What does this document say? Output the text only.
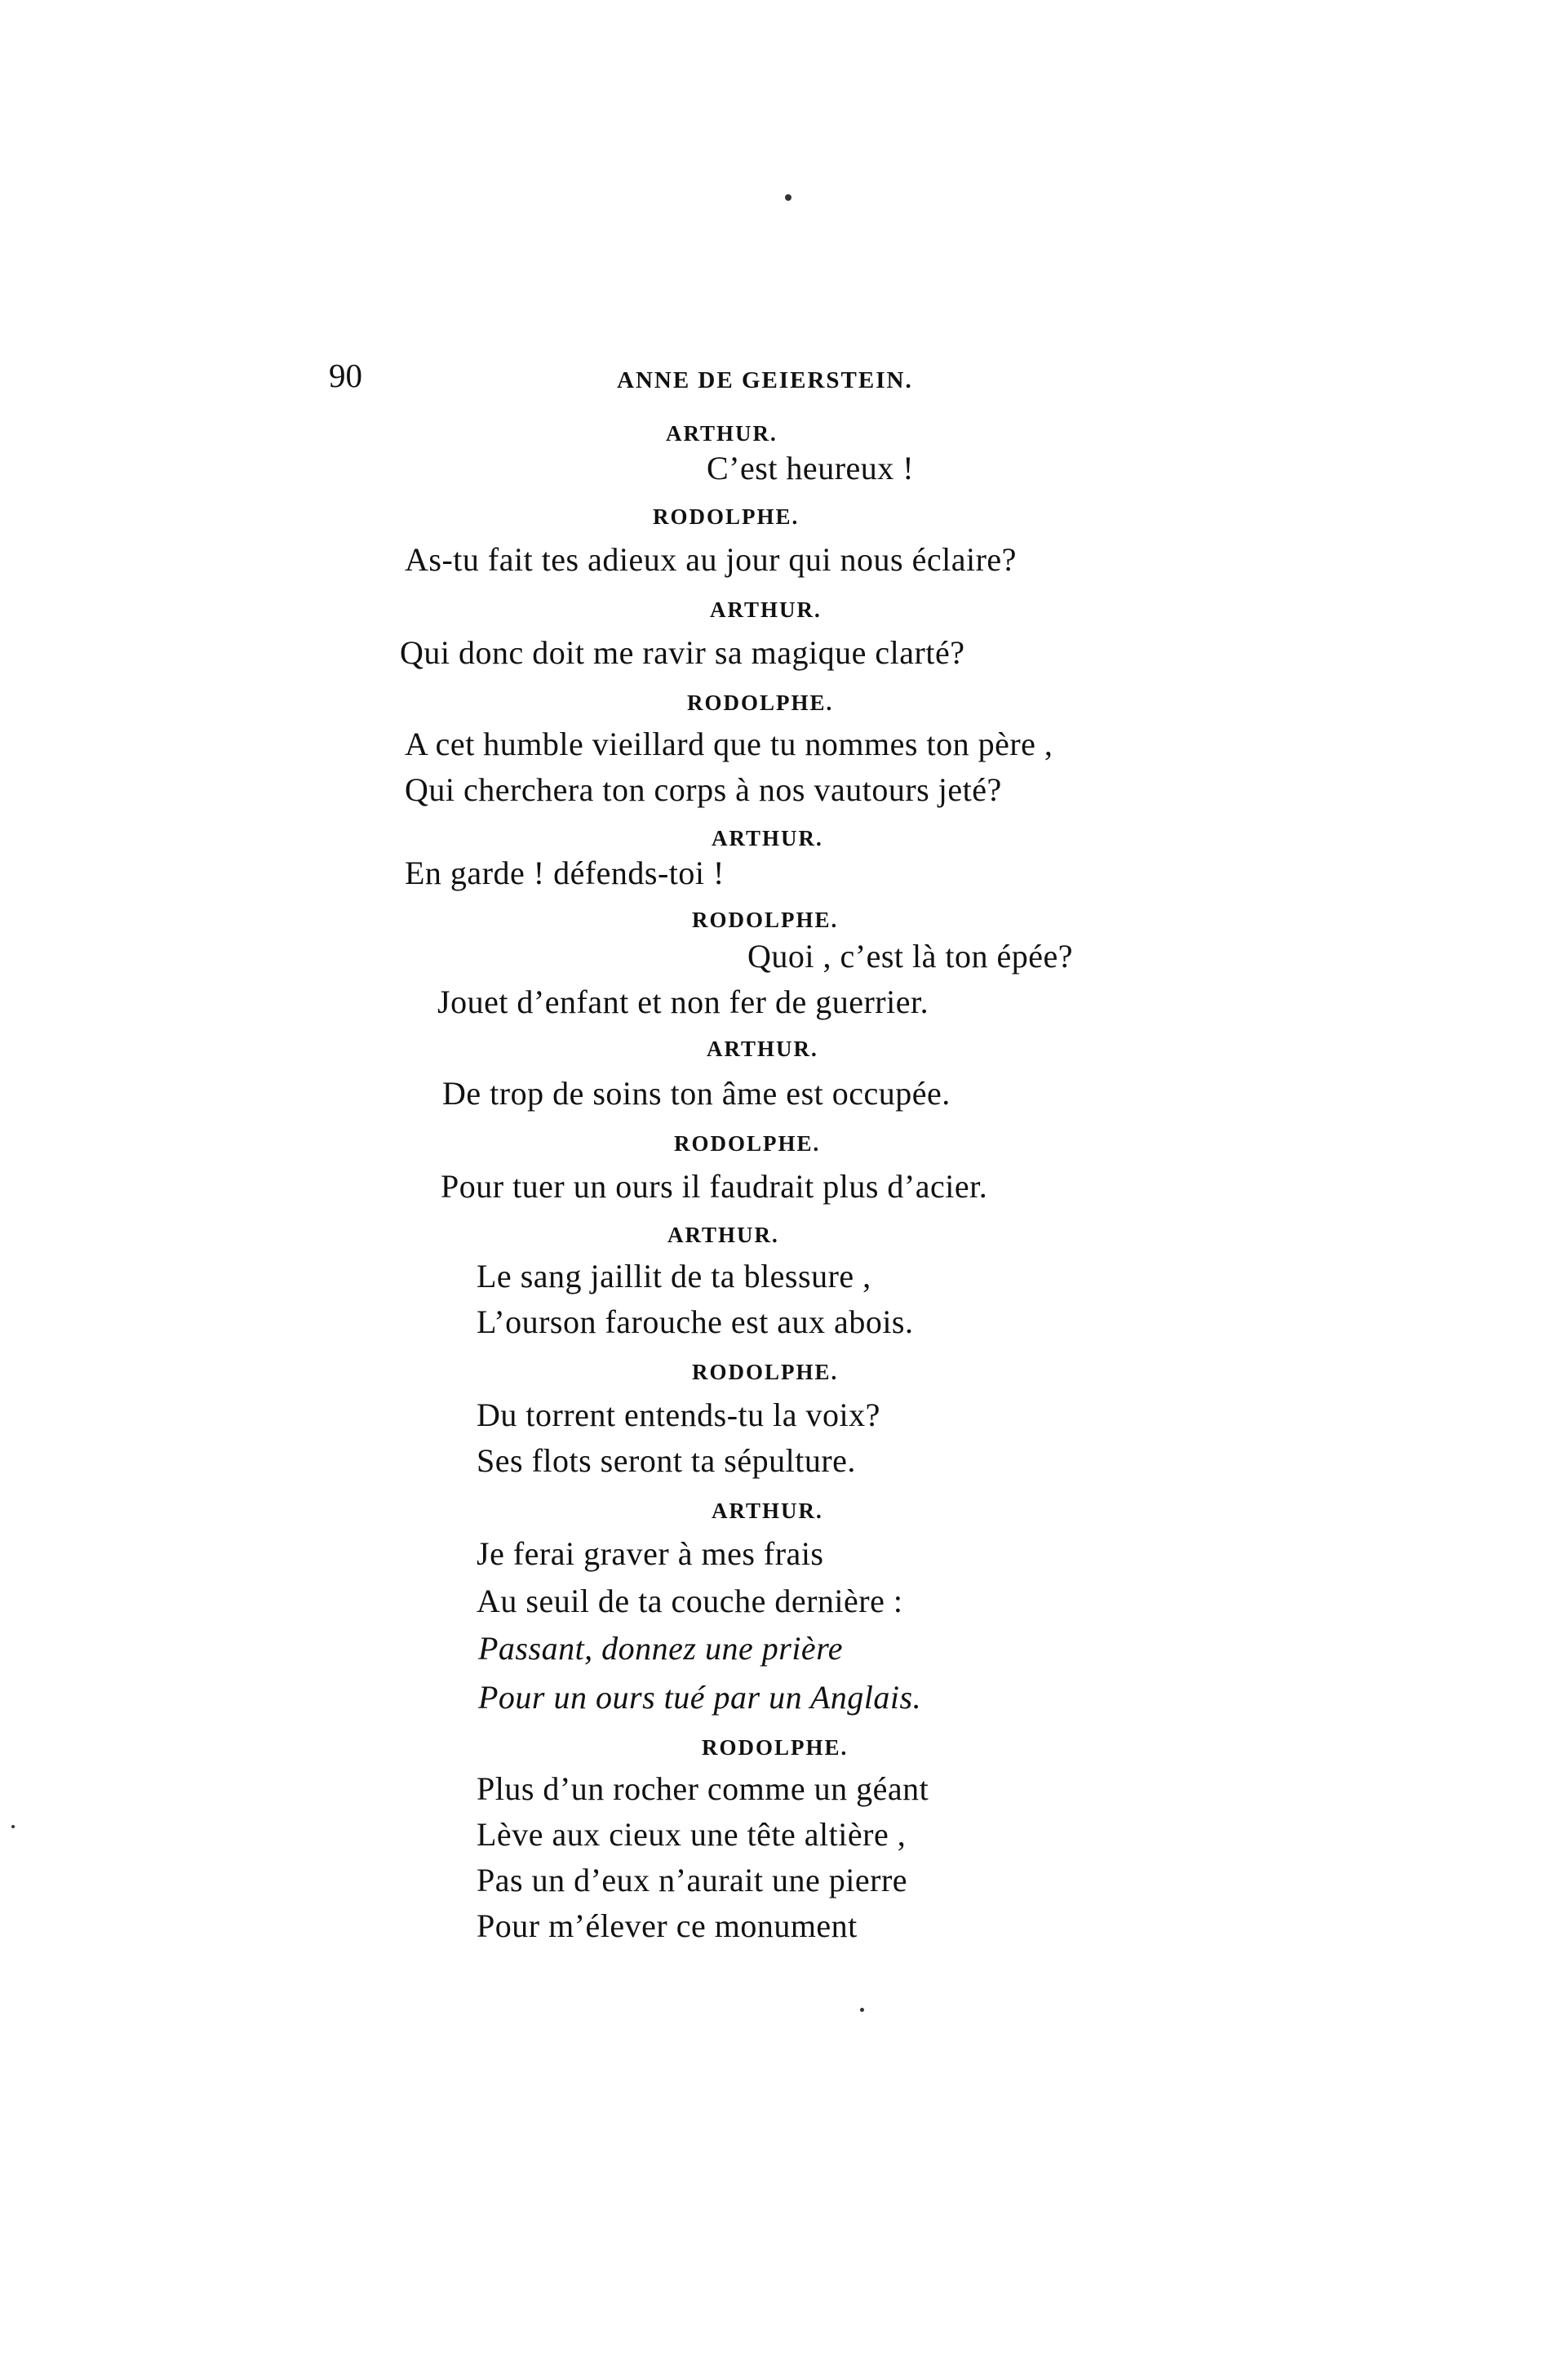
90	ANNE DE GEIERSTEIN.
ARTHUR.
C’est heureux !
RODOLPHE.
As-tu fait tes adieux au jour qui nous éclaire?
ARTHUR.
Qui donc doit me ravir sa magique clarté?
RODOLPHE.
A cet humble vieillard que tu nommes ton père ,
Qui cherchera ton corps à nos vautours jeté?
ARTHUR.
En garde ! défends-toi !
RODOLPHE.
Quoi , c’est là ton épée?
Jouet d’enfant et non fer de guerrier.
ARTHUR.
De trop de soins ton âme est occupée.
RODOLPHE.
Pour tuer un ours il faudrait plus d’acier.
ARTHUR.
Le sang jaillit de ta blessure ,
L’ourson farouche est aux abois.
RODOLPHE.
Du torrent entends-tu la voix?
Ses flots seront ta sépulture.
ARTHUR.
Je ferai graver à mes frais
Au seuil de ta couche dernière :
Passant, donnez une prière
Pour un ours tué par un Anglais.
RODOLPHE.
Plus d’un rocher comme un géant
Lève aux cieux une tête altière ,
Pas un d’eux n’aurait une pierre
Pour m’élever ce monument
